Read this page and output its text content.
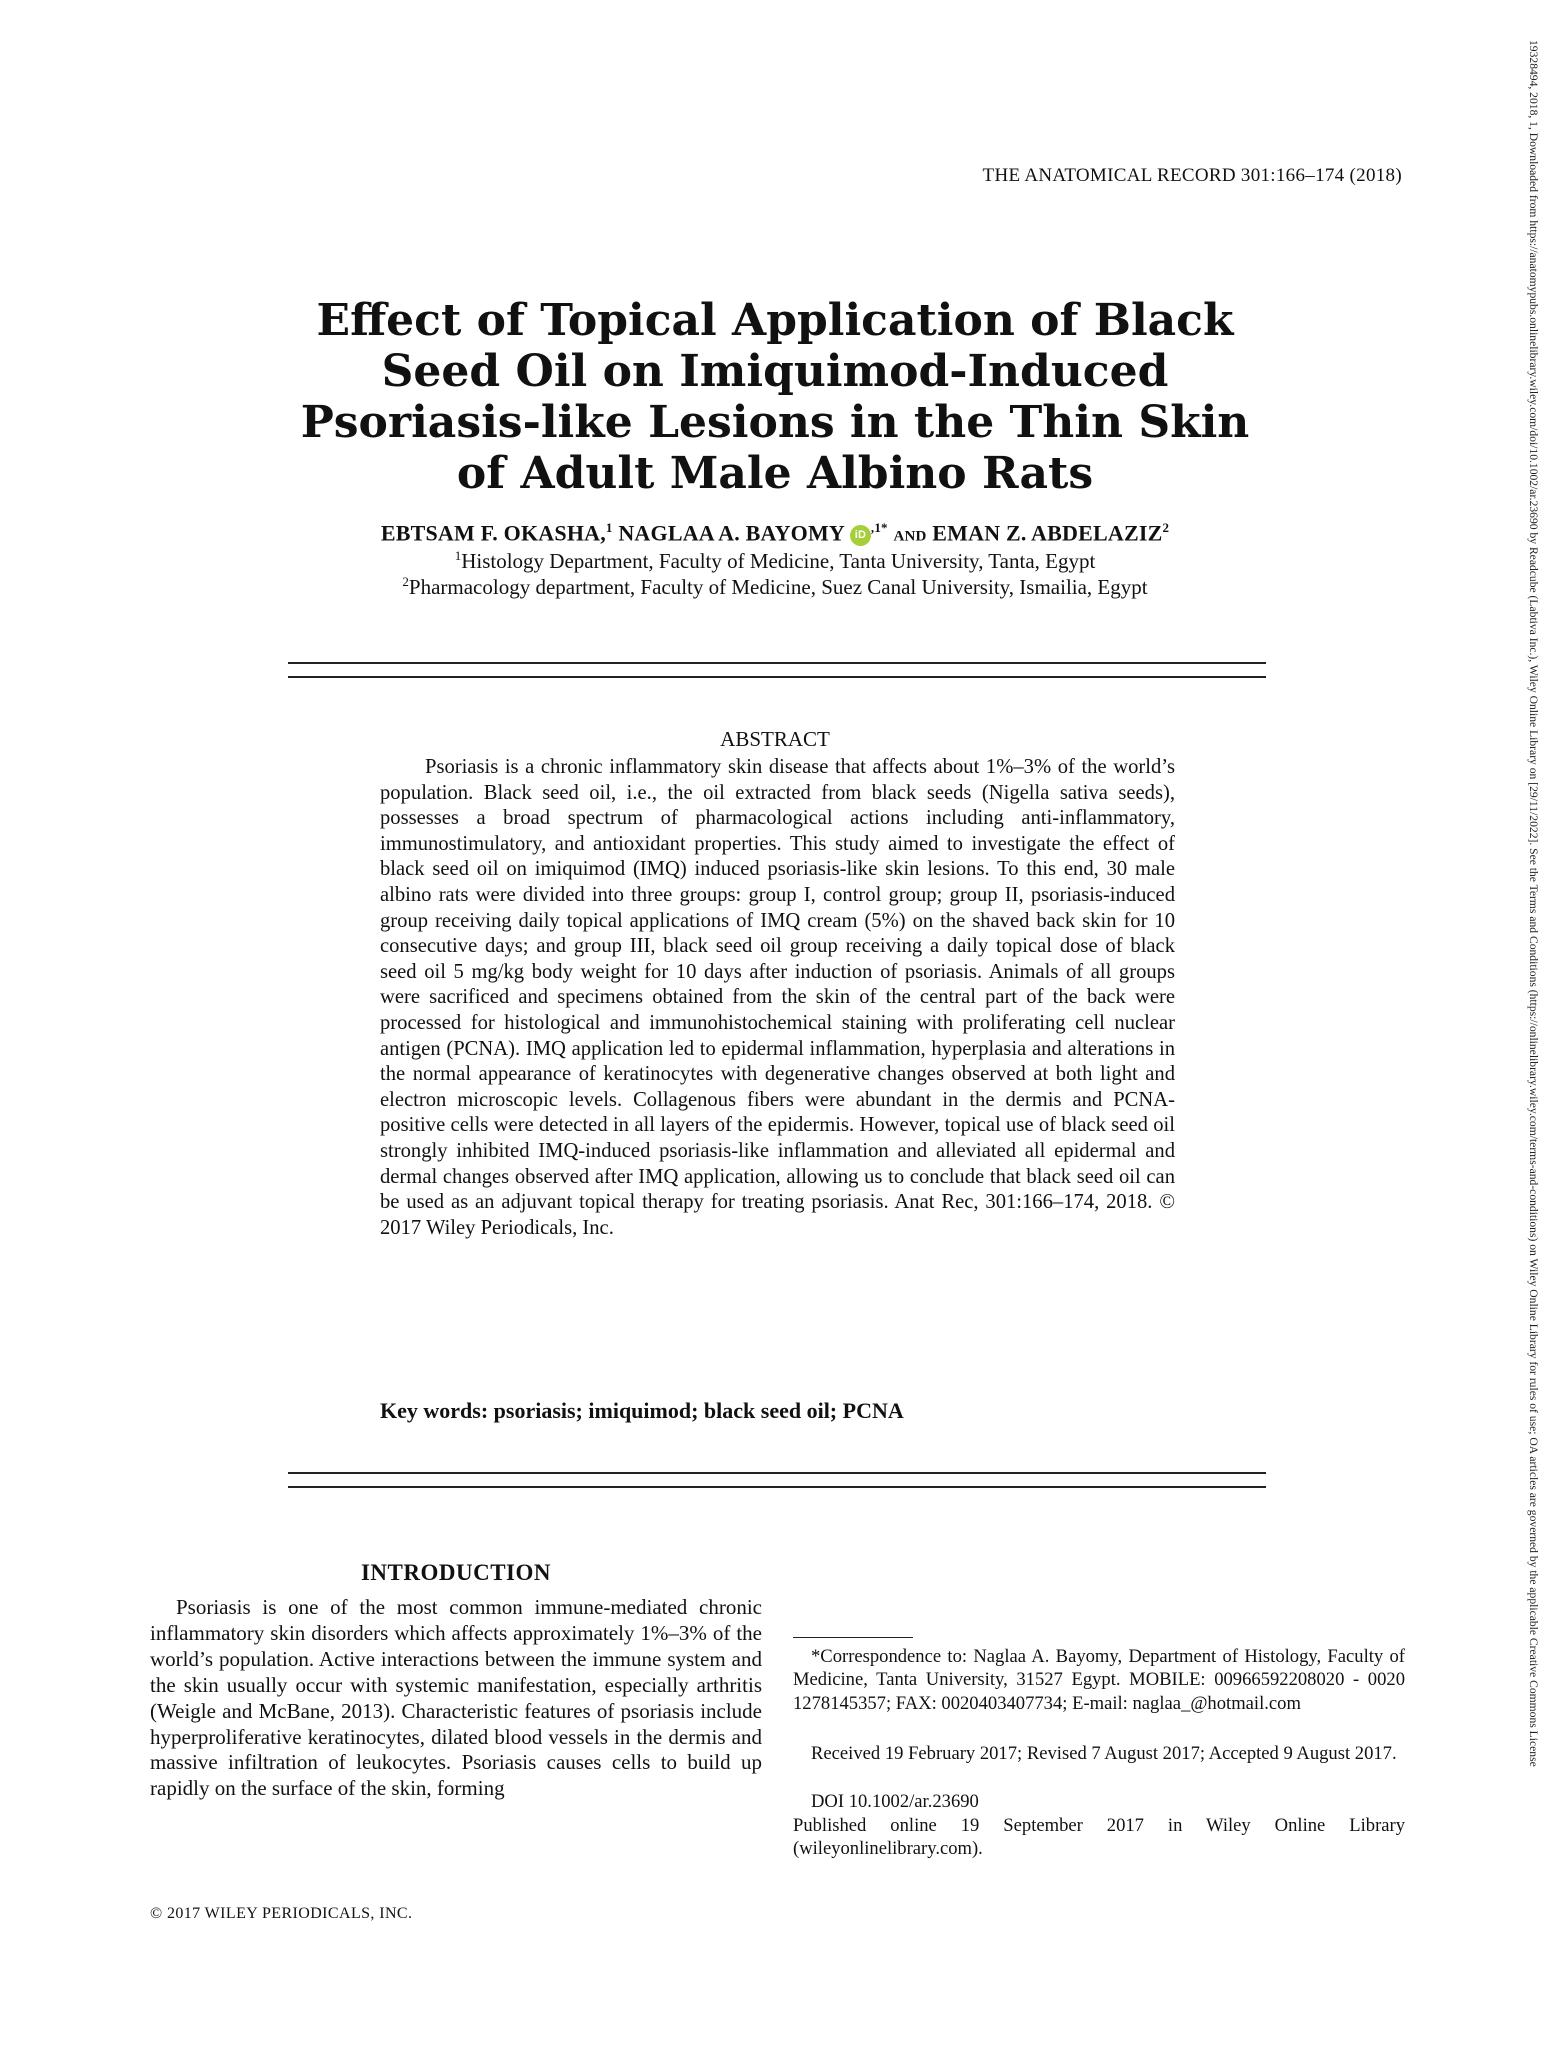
THE ANATOMICAL RECORD 301:166–174 (2018)	19328494, 2018, 1, Downloaded from https://anatomypubs.onlinelibrary.wiley.com/doi/10.1002/ar.23690 by Readcube (Labtiva Inc.), Wiley Online Library on [29/11/2022]. See the Terms and Conditions (https://onlinelibrary.wiley.com/terms-and-conditions) on Wiley Online Library for rules of use; OA articles are governed by the applicable Creative Commons License
Effect of Topical Application of Black
Seed Oil on Imiquimod-Induced
Psoriasis-like Lesions in the Thin Skin
of Adult Male Albino Rats
EBTSAM F. OKASHA,$^1$ NAGLAA A. BAYOMY $iD^{,1*}$ AND EMAN Z. ABDELAZIZ$^2$
$^1$Histology Department, Faculty of Medicine, Tanta University, Tanta, Egypt
$^2$Pharmacology department, Faculty of Medicine, Suez Canal University, Ismailia, Egypt
ABSTRACT
Psoriasis is a chronic inflammatory skin disease that affects about 1%–3% of the world’s population. Black seed oil, i.e., the oil extracted from black seeds (Nigella sativa seeds), possesses a broad spectrum of pharmacological actions including anti-inflammatory, immunostimulatory, and antioxidant properties. This study aimed to investigate the effect of black seed oil on imiquimod (IMQ) induced psoriasis-like skin lesions. To this end, 30 male albino rats were divided into three groups: group I, control group; group II, psoriasis-induced group receiving daily topical applications of IMQ cream (5%) on the shaved back skin for 10 consecutive days; and group III, black seed oil group receiving a daily topical dose of black seed oil 5 mg/kg body weight for 10 days after induction of psoriasis. Animals of all groups were sacrificed and specimens obtained from the skin of the central part of the back were processed for histological and immunohistochemical staining with proliferating cell nuclear antigen (PCNA). IMQ application led to epidermal inflammation, hyperplasia and alterations in the normal appearance of keratinocytes with degenerative changes observed at both light and electron microscopic levels. Collagenous fibers were abundant in the dermis and PCNA-positive cells were detected in all layers of the epidermis. However, topical use of black seed oil strongly inhibited IMQ-induced psoriasis-like inflammation and alleviated all epidermal and dermal changes observed after IMQ application, allowing us to conclude that black seed oil can be used as an adjuvant topical therapy for treating psoriasis. Anat Rec, 301:166–174, 2018. © 2017 Wiley Periodicals, Inc.
Key words: psoriasis; imiquimod; black seed oil; PCNA
INTRODUCTION
Psoriasis is one of the most common immune-mediated chronic inflammatory skin disorders which affects approximately 1%–3% of the world’s population. Active interactions between the immune system and the skin usually occur with systemic manifestation, especially arthritis (Weigle and McBane, 2013). Characteristic features of psoriasis include hyperproliferative keratinocytes, dilated blood vessels in the dermis and massive infiltration of leukocytes. Psoriasis causes cells to build up rapidly on the surface of the skin, forming
*Correspondence to: Naglaa A. Bayomy, Department of Histology, Faculty of Medicine, Tanta University, 31527 Egypt. MOBILE: 00966592208020 - 0020 1278145357; FAX: 0020403407734; E-mail: naglaa_@hotmail.com
Received 19 February 2017; Revised 7 August 2017; Accepted 9 August 2017.
DOI 10.1002/ar.23690
Published online 19 September 2017 in Wiley Online Library (wileyonlinelibrary.com).
© 2017 WILEY PERIODICALS, INC.
